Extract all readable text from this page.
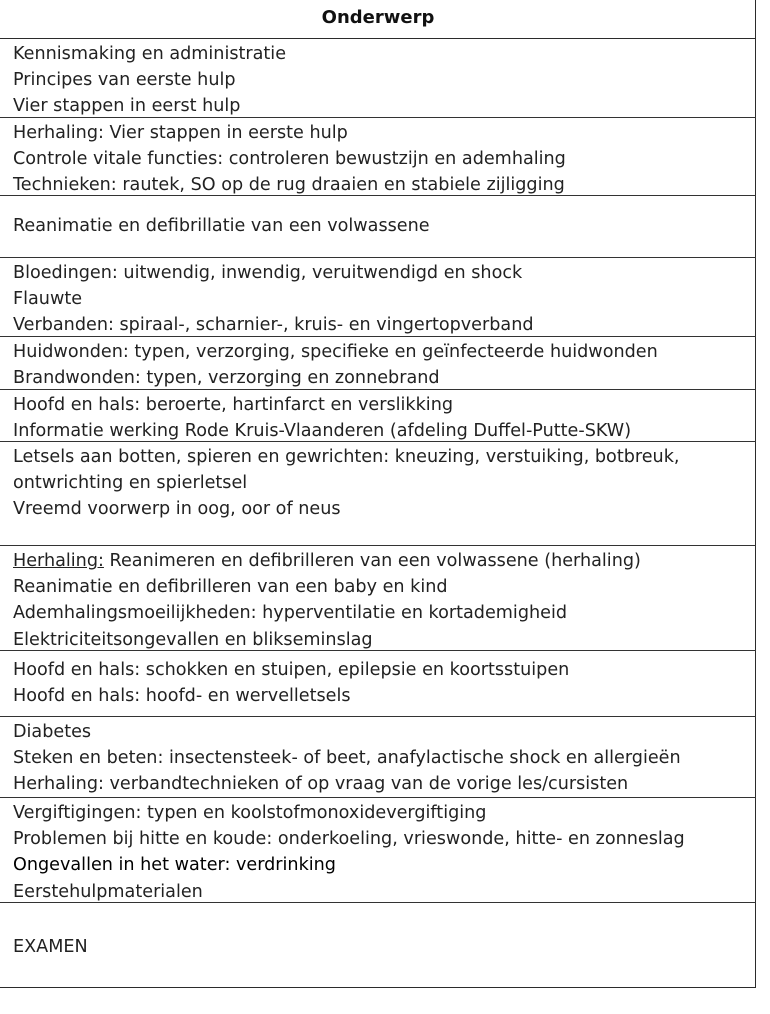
Onderwerp
Kennismaking en administratie
Principes van eerste hulp
Vier stappen in eerst hulp
Herhaling: Vier stappen in eerste hulp
Controle vitale functies: controleren bewustzijn en ademhaling
Technieken: rautek, SO op de rug draaien en stabiele zijligging
Reanimatie en defibrillatie van een volwassene
Bloedingen: uitwendig, inwendig, veruitwendigd en shock
Flauwte
Verbanden: spiraal-, scharnier-, kruis- en vingertopverband
Huidwonden: typen, verzorging, specifieke en geïnfecteerde huidwonden
Brandwonden: typen, verzorging en zonnebrand
Hoofd en hals: beroerte, hartinfarct en verslikking
Informatie werking Rode Kruis-Vlaanderen (afdeling Duffel-Putte-SKW)
Letsels aan botten, spieren en gewrichten: kneuzing, verstuiking, botbreuk,
ontwrichting en spierletsel
Vreemd voorwerp in oog, oor of neus
Herhaling: Reanimeren en defibrilleren van een volwassene (herhaling)
Reanimatie en defibrilleren van een baby en kind
Ademhalingsmoeilijkheden: hyperventilatie en kortademigheid
Elektriciteitsongevallen en blikseminslag
Hoofd en hals: schokken en stuipen, epilepsie en koortsstuipen
Hoofd en hals: hoofd- en wervelletsels
Diabetes
Steken en beten: insectensteek- of beet, anafylactische shock en allergieën
Herhaling: verbandtechnieken of op vraag van de vorige les/cursisten
Vergiftigingen: typen en koolstofmonoxidevergiftiging
Problemen bij hitte en koude: onderkoeling, vrieswonde, hitte- en zonneslag
Ongevallen in het water: verdrinking
Eerstehulpmaterialen
EXAMEN
